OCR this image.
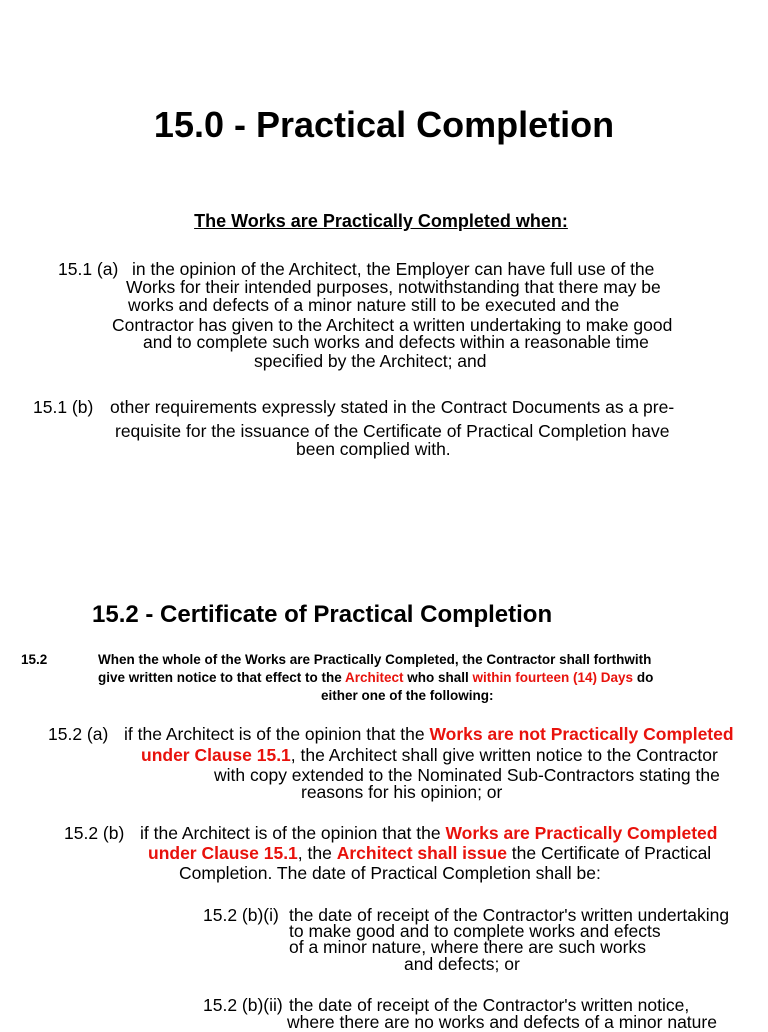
15.0 - Practical Completion
The Works are Practically Completed when:
15.1 (a) in the opinion of the Architect, the Employer can have full use of the
Works for their intended purposes, notwithstanding that there may be
works and defects of a minor nature still to be executed and the
Contractor has given to the Architect a written undertaking to make good
and to complete such works and defects within a reasonable time
specified by the Architect; and
15.1 (b) other requirements expressly stated in the Contract Documents as a pre-
requisite for the issuance of the Certificate of Practical Completion have
been complied with.
15.2 - Certificate of Practical Completion
15.2	When the whole of the Works are Practically Completed, the Contractor shall forthwith
give written notice to that effect to the Architect who shall within fourteen (14) Days do
either one of the following:
15.2 (a) if the Architect is of the opinion that the Works are not Practically Completed
under Clause 15.1, the Architect shall give written notice to the Contractor
with copy extended to the Nominated Sub-Contractors stating the
reasons for his opinion; or
15.2 (b) if the Architect is of the opinion that the Works are Practically Completed
under Clause 15.1, the Architect shall issue the Certificate of Practical
Completion. The date of Practical Completion shall be:
15.2 (b)(i) the date of receipt of the Contractor's written undertaking
to make good and to complete works and efects
of a minor nature, where there are such works
and defects; or
15.2 (b)(ii) the date of receipt of the Contractor's written notice,
where there are no works and defects of a minor nature
